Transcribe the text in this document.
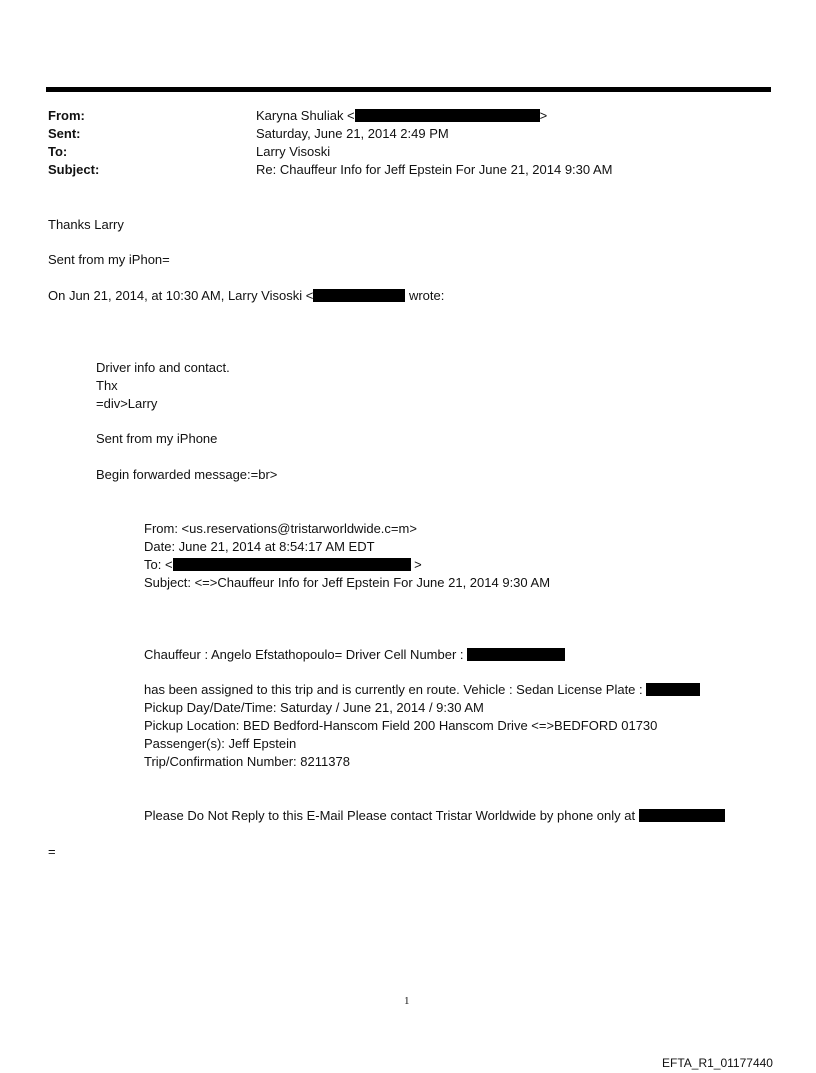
From:	Karyna Shuliak <	>
Sent:	Saturday, June 21, 2014 2:49 PM
To:	Larry Visoski
Subject:	Re: Chauffeur Info for Jeff Epstein For June 21, 2014 9:30 AM
Thanks Larry
Sent from my iPhon=
On Jun 21, 2014, at 10:30 AM, Larry Visoski <	wrote:
Driver info and contact.
Thx
=div>Larry
Sent from my iPhone
Begin forwarded message:=br>
From: <us.reservations@tristarworldwide.c=m>
Date: June 21, 2014 at 8:54:17 AM EDT
To: <	>
Subject: <=>Chauffeur Info for Jeff Epstein For June 21, 2014 9:30 AM
Chauffeur : Angelo Efstathopoulo= Driver Cell Number :
has been assigned to this trip and is currently en route. Vehicle : Sedan License Plate :
Pickup Day/Date/Time: Saturday / June 21, 2014 / 9:30 AM
Pickup Location: BED Bedford-Hanscom Field 200 Hanscom Drive <=>BEDFORD 01730
Passenger(s): Jeff Epstein
Trip/Confirmation Number: 8211378
Please Do Not Reply to this E-Mail Please contact Tristar Worldwide by phone only at
=
1
EFTA_R1_01177440
